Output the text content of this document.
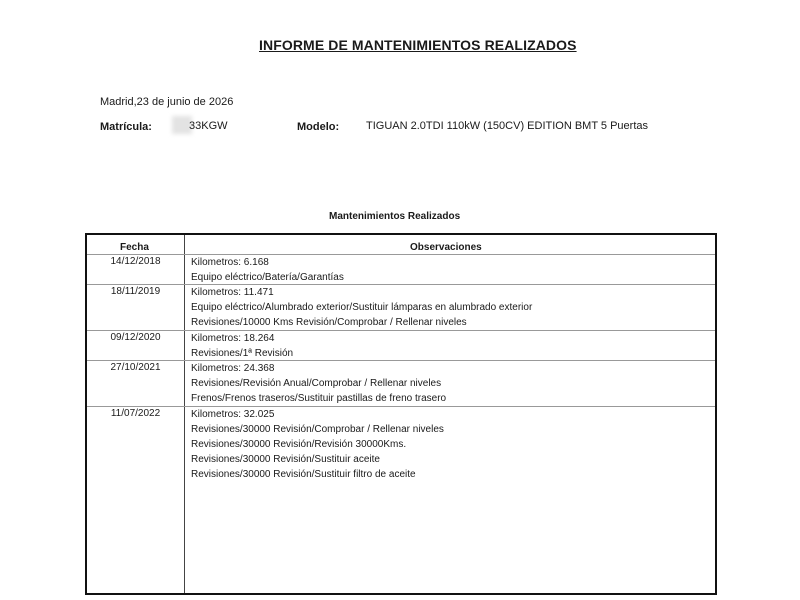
INFORME DE MANTENIMIENTOS REALIZADOS
Madrid,23 de junio de 2026
Matrícula:	33KGW	Modelo: TIGUAN 2.0TDI 110kW (150CV) EDITION BMT 5 Puertas
Mantenimientos Realizados
Fecha	Observaciones
14/12/2018	Kilometros: 6.168
Equipo eléctrico/Batería/Garantías
18/11/2019	Kilometros: 11.471
Equipo eléctrico/Alumbrado exterior/Sustituir lámparas en alumbrado exterior
Revisiones/10000 Kms Revisión/Comprobar / Rellenar niveles
09/12/2020	Kilometros: 18.264
Revisiones/1ª Revisión
27/10/2021	Kilometros: 24.368
Revisiones/Revisión Anual/Comprobar / Rellenar niveles
Frenos/Frenos traseros/Sustituir pastillas de freno trasero
11/07/2022	Kilometros: 32.025
Revisiones/30000 Revisión/Comprobar / Rellenar niveles
Revisiones/30000 Revisión/Revisión 30000Kms.
Revisiones/30000 Revisión/Sustituir aceite
Revisiones/30000 Revisión/Sustituir filtro de aceite
